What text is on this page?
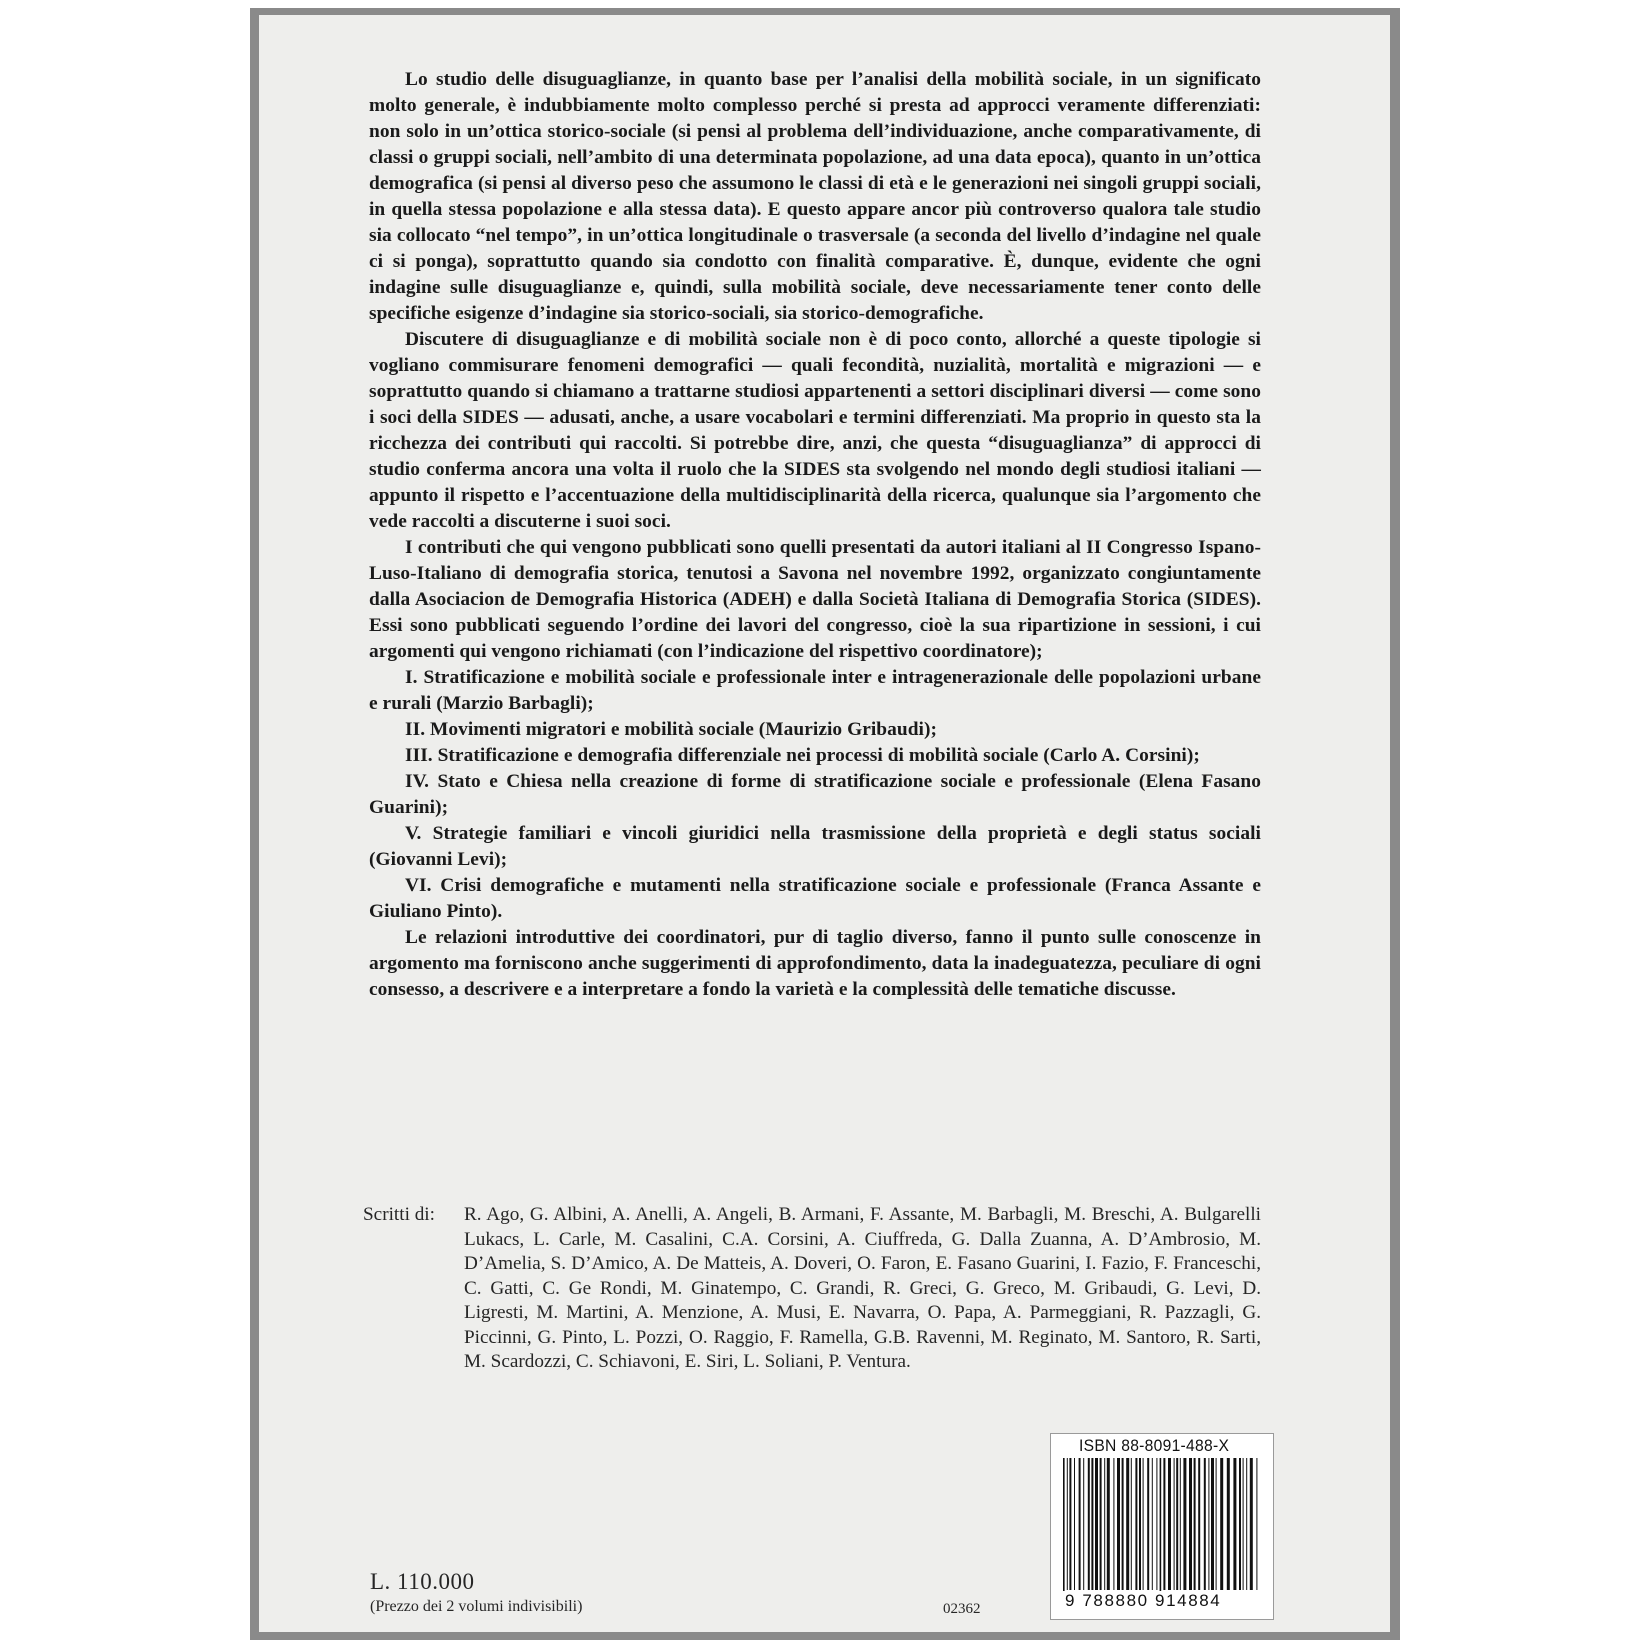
Lo studio delle disuguaglianze, in quanto base per l’analisi della mobilità sociale, in un significato molto generale, è indubbiamente molto complesso perché si presta ad approcci veramente differenziati: non solo in un’ottica storico-sociale (si pensi al problema dell’individuazione, anche comparativamente, di classi o gruppi sociali, nell’ambito di una determinata popolazione, ad una data epoca), quanto in un’ottica demografica (si pensi al diverso peso che assumono le classi di età e le generazioni nei singoli gruppi sociali, in quella stessa popolazione e alla stessa data). E questo appare ancor più controverso qualora tale studio sia collocato “nel tempo”, in un’ottica longitudinale o trasversale (a seconda del livello d’indagine nel quale ci si ponga), soprattutto quando sia condotto con finalità comparative. È, dunque, evidente che ogni indagine sulle disuguaglianze e, quindi, sulla mobilità sociale, deve necessariamente tener conto delle specifiche esigenze d’indagine sia storico-sociali, sia storico-demografiche.

Discutere di disuguaglianze e di mobilità sociale non è di poco conto, allorché a queste tipologie si vogliano commisurare fenomeni demografici — quali fecondità, nuzialità, mortalità e migrazioni — e soprattutto quando si chiamano a trattarne studiosi appartenenti a settori disciplinari diversi — come sono i soci della SIDES — adusati, anche, a usare vocabolari e termini differenziati. Ma proprio in questo sta la ricchezza dei contributi qui raccolti. Si potrebbe dire, anzi, che questa “disuguaglianza” di approcci di studio conferma ancora una volta il ruolo che la SIDES sta svolgendo nel mondo degli studiosi italiani — appunto il rispetto e l’accentuazione della multidisciplinarità della ricerca, qualunque sia l’argomento che vede raccolti a discuterne i suoi soci.

I contributi che qui vengono pubblicati sono quelli presentati da autori italiani al II Congresso Ispano-Luso-Italiano di demografia storica, tenutosi a Savona nel novembre 1992, organizzato congiuntamente dalla Asociacion de Demografia Historica (ADEH) e dalla Società Italiana di Demografia Storica (SIDES). Essi sono pubblicati seguendo l’ordine dei lavori del congresso, cioè la sua ripartizione in sessioni, i cui argomenti qui vengono richiamati (con l’indicazione del rispettivo coordinatore);

I. Stratificazione e mobilità sociale e professionale inter e intragenerazionale delle popolazioni urbane e rurali (Marzio Barbagli);

II. Movimenti migratori e mobilità sociale (Maurizio Gribaudi);

III. Stratificazione e demografia differenziale nei processi di mobilità sociale (Carlo A. Corsini);

IV. Stato e Chiesa nella creazione di forme di stratificazione sociale e professionale (Elena Fasano Guarini);

V. Strategie familiari e vincoli giuridici nella trasmissione della proprietà e degli status sociali (Giovanni Levi);

VI. Crisi demografiche e mutamenti nella stratificazione sociale e professionale (Franca Assante e Giuliano Pinto).

Le relazioni introduttive dei coordinatori, pur di taglio diverso, fanno il punto sulle conoscenze in argomento ma forniscono anche suggerimenti di approfondimento, data la inadeguatezza, peculiare di ogni consesso, a descrivere e a interpretare a fondo la varietà e la complessità delle tematiche discusse.

Scritti di:	R. Ago, G. Albini, A. Anelli, A. Angeli, B. Armani, F. Assante, M. Barbagli, M. Breschi, A. Bulgarelli Lukacs, L. Carle, M. Casalini, C.A. Corsini, A. Ciuffreda, G. Dalla Zuanna, A. D’Ambrosio, M. D’Amelia, S. D’Amico, A. De Matteis, A. Doveri, O. Faron, E. Fasano Guarini, I. Fazio, F. Franceschi, C. Gatti, C. Ge Rondi, M. Ginatempo, C. Grandi, R. Greci, G. Greco, M. Gribaudi, G. Levi, D. Ligresti, M. Martini, A. Menzione, A. Musi, E. Navarra, O. Papa, A. Parmeggiani, R. Pazzagli, G. Piccinni, G. Pinto, L. Pozzi, O. Raggio, F. Ramella, G.B. Ravenni, M. Reginato, M. Santoro, R. Sarti, M. Scardozzi, C. Schiavoni, E. Siri, L. Soliani, P. Ventura.
L. 110.000
(Prezzo dei 2 volumi indivisibili)	02362
ISBN 88-8091-488-X
9 788880 914884
